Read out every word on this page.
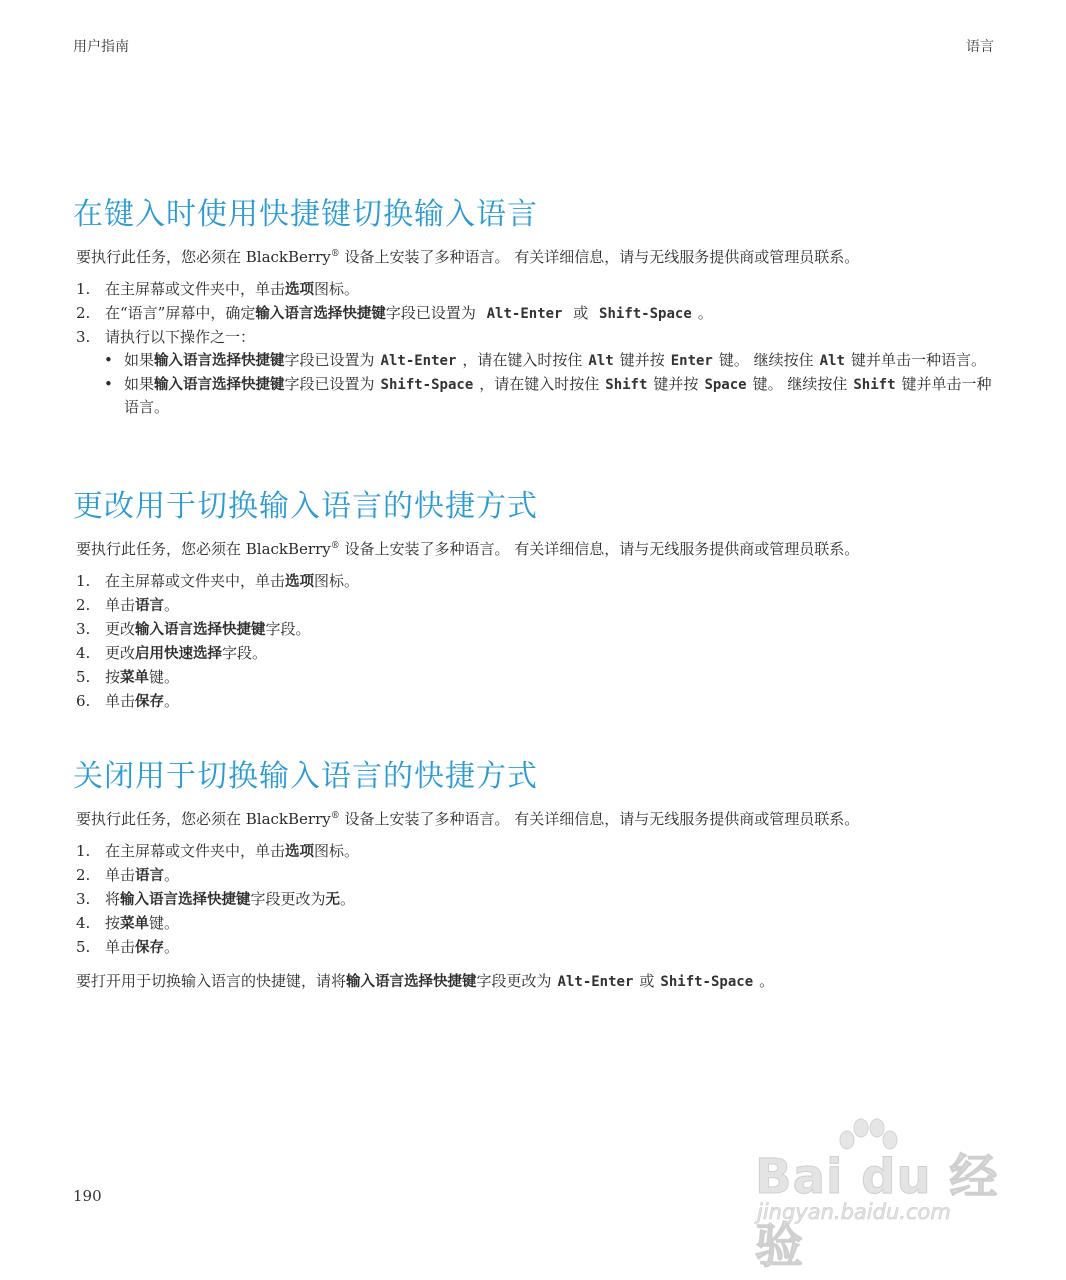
用户指南	语言
在键入时使用快捷键切换输入语言

要执行此任务，您必须在 BlackBerry® 设备上安装了多种语言。 有关详细信息，请与无线服务提供商或管理员联系。

1. 在主屏幕或文件夹中，单击选项图标。
2. 在“语言”屏幕中，确定输入语言选择快捷键字段已设置为 Alt-Enter 或 Shift-Space 。
3. 请执行以下操作之一：
• 如果输入语言选择快捷键字段已设置为 Alt-Enter ，请在键入时按住 Alt 键并按 Enter 键。 继续按住 Alt 键并单击一种语言。
• 如果输入语言选择快捷键字段已设置为 Shift-Space ，请在键入时按住 Shift 键并按 Space 键。 继续按住 Shift 键并单击一种语言。
更改用于切换输入语言的快捷方式

要执行此任务，您必须在 BlackBerry® 设备上安装了多种语言。 有关详细信息，请与无线服务提供商或管理员联系。

1. 在主屏幕或文件夹中，单击选项图标。
2. 单击语言。
3. 更改输入语言选择快捷键字段。
4. 更改启用快速选择字段。
5. 按菜单键。
6. 单击保存。
关闭用于切换输入语言的快捷方式

要执行此任务，您必须在 BlackBerry® 设备上安装了多种语言。 有关详细信息，请与无线服务提供商或管理员联系。

1. 在主屏幕或文件夹中，单击选项图标。
2. 单击语言。
3. 将输入语言选择快捷键字段更改为无。
4. 按菜单键。
5. 单击保存。

要打开用于切换输入语言的快捷键，请将输入语言选择快捷键字段更改为 Alt-Enter 或 Shift-Space 。

190	Bai du 经验
jingyan.baidu.com
